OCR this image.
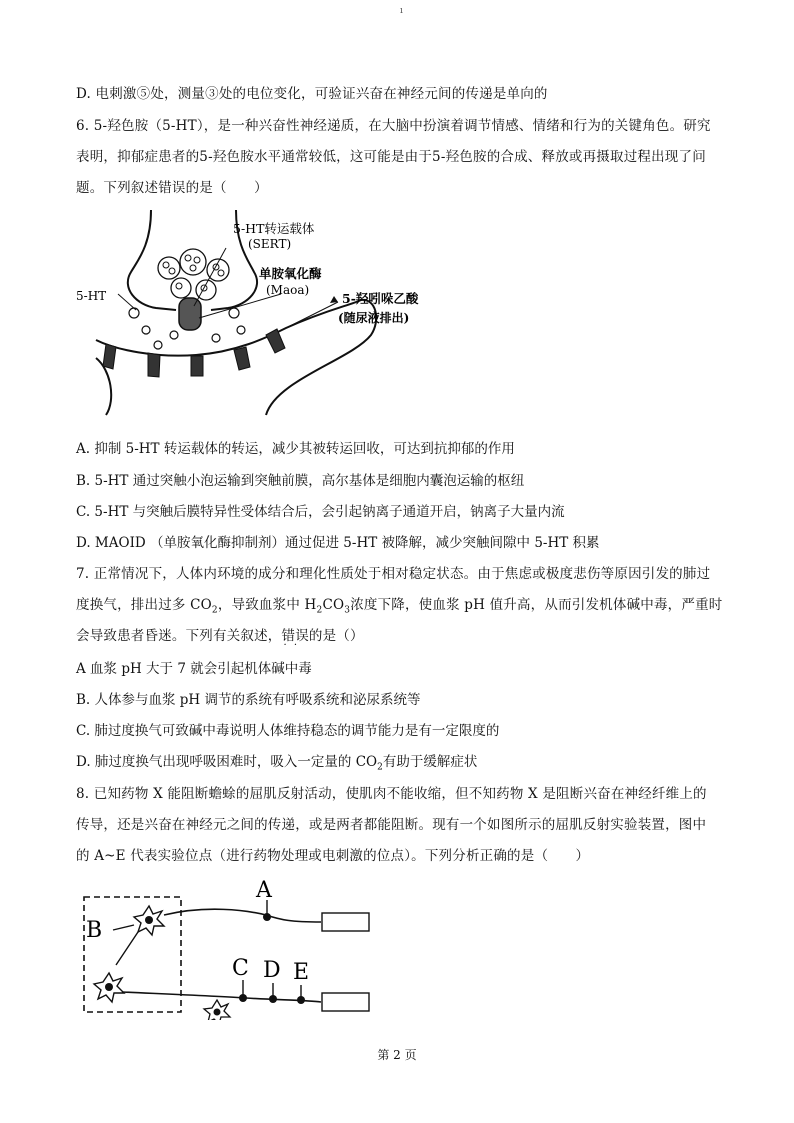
ı
D. 电刺激⑤处，测量③处的电位变化，可验证兴奋在神经元间的传递是单向的
6. 5-羟色胺（5-HT），是一种兴奋性神经递质，在大脑中扮演着调节情感、情绪和行为的关键角色。研究
表明，抑郁症患者的5-羟色胺水平通常较低，这可能是由于5-羟色胺的合成、释放或再摄取过程出现了问
题。下列叙述错误的是（　　）
5-HT转运载体
(SERT)
单胺氧化酶
(Maoa)
5-HT	5-羟吲哚乙酸
(随尿液排出)
A. 抑制 5-HT 转运载体的转运，减少其被转运回收，可达到抗抑郁的作用
B. 5-HT 通过突触小泡运输到突触前膜，高尔基体是细胞内囊泡运输的枢纽
C. 5-HT 与突触后膜特异性受体结合后，会引起钠离子通道开启，钠离子大量内流
D. MAOID （单胺氧化酶抑制剂）通过促进 5-HT 被降解，减少突触间隙中 5-HT 积累
7. 正常情况下，人体内环境的成分和理化性质处于相对稳定状态。由于焦虑或极度悲伤等原因引发的肺过
度换气，排出过多 $CO_2$，导致血浆中 $H_2CO_3$浓度下降，使血浆 pH 值升高，从而引发机体碱中毒，严重时
会导致患者昏迷。下列有关叙述，错误 · ·的是（）
A 血浆 pH 大于 7 就会引起机体碱中毒
B. 人体参与血浆 pH 调节的系统有呼吸系统和泌尿系统等
C. 肺过度换气可致碱中毒说明人体维持稳态的调节能力是有一定限度的
D. 肺过度换气出现呼吸困难时，吸入一定量的 $CO_2$有助于缓解症状
8. 已知药物 X 能阻断蟾蜍的屈肌反射活动，使肌肉不能收缩，但不知药物 X 是阻断兴奋在神经纤维上的
传导，还是兴奋在神经元之间的传递，或是两者都能阻断。现有一个如图所示的屈肌反射实验装置，图中
的 A~E 代表实验位点（进行药物处理或电刺激的位点）。下列分析正确的是（　　）
B
A
C D E
第 2 页
